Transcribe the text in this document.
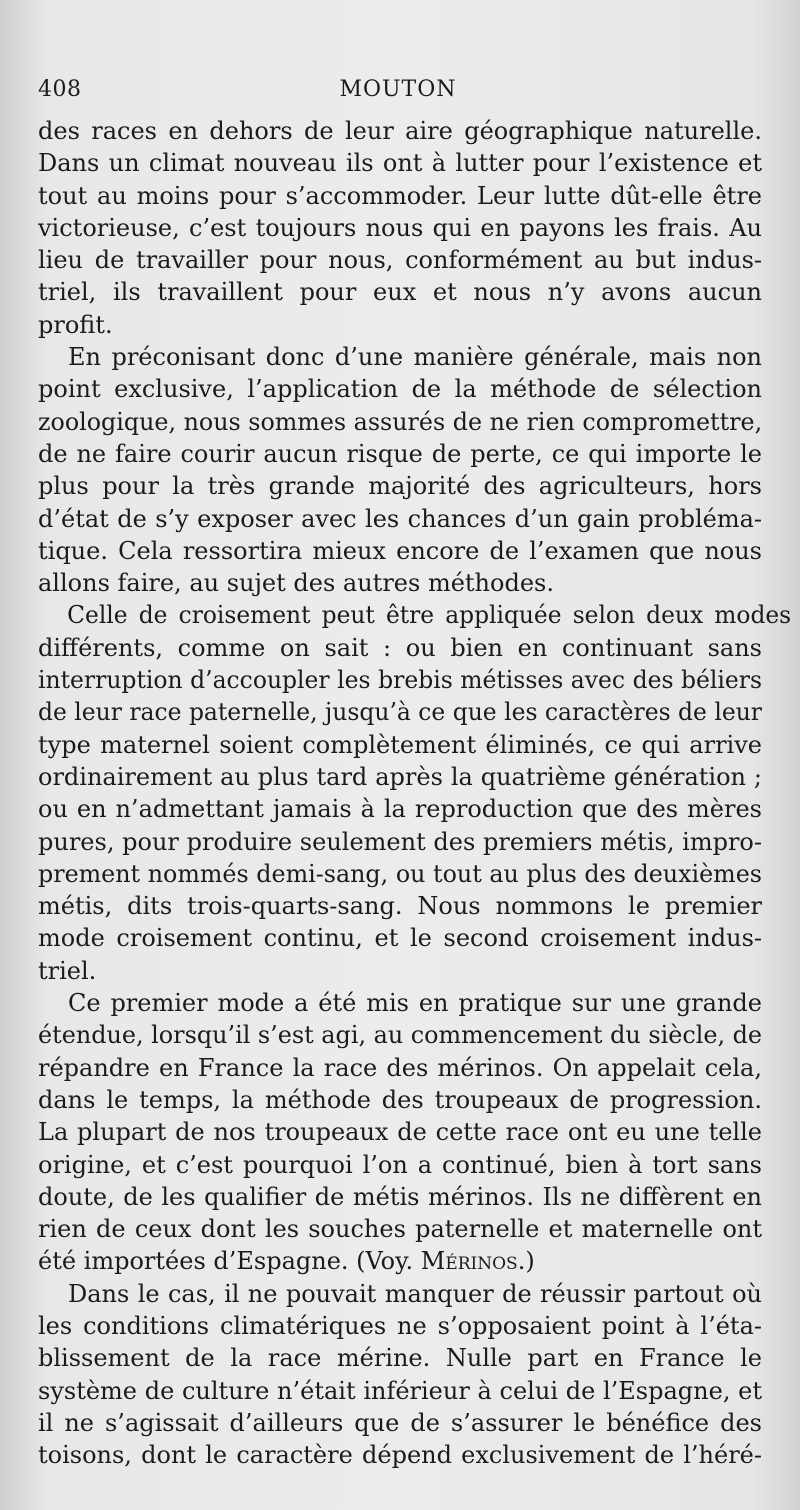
408	MOUTON
des races en dehors de leur aire géographique naturelle.
Dans un climat nouveau ils ont à lutter pour l’existence et
tout au moins pour s’accommoder. Leur lutte dût-elle être
victorieuse, c’est toujours nous qui en payons les frais. Au
lieu de travailler pour nous, conformément au but indus-
triel, ils travaillent pour eux et nous n’y avons aucun
profit.
En préconisant donc d’une manière générale, mais non
point exclusive, l’application de la méthode de sélection
zoologique, nous sommes assurés de ne rien compromettre,
de ne faire courir aucun risque de perte, ce qui importe le
plus pour la très grande majorité des agriculteurs, hors
d’état de s’y exposer avec les chances d’un gain probléma-
tique. Cela ressortira mieux encore de l’examen que nous
allons faire, au sujet des autres méthodes.
Celle de croisement peut être appliquée selon deux modes
différents, comme on sait : ou bien en continuant sans
interruption d’accoupler les brebis métisses avec des béliers
de leur race paternelle, jusqu’à ce que les caractères de leur
type maternel soient complètement éliminés, ce qui arrive
ordinairement au plus tard après la quatrième génération ;
ou en n’admettant jamais à la reproduction que des mères
pures, pour produire seulement des premiers métis, impro-
prement nommés demi-sang, ou tout au plus des deuxièmes
métis, dits trois-quarts-sang. Nous nommons le premier
mode croisement continu, et le second croisement indus-
triel.
Ce premier mode a été mis en pratique sur une grande
étendue, lorsqu’il s’est agi, au commencement du siècle, de
répandre en France la race des mérinos. On appelait cela,
dans le temps, la méthode des troupeaux de progression.
La plupart de nos troupeaux de cette race ont eu une telle
origine, et c’est pourquoi l’on a continué, bien à tort sans
doute, de les qualifier de métis mérinos. Ils ne diffèrent en
rien de ceux dont les souches paternelle et maternelle ont
été importées d’Espagne. (Voy. Mérinos.)
Dans le cas, il ne pouvait manquer de réussir partout où
les conditions climatériques ne s’opposaient point à l’éta-
blissement de la race mérine. Nulle part en France le
système de culture n’était inférieur à celui de l’Espagne, et
il ne s’agissait d’ailleurs que de s’assurer le bénéfice des
toisons, dont le caractère dépend exclusivement de l’héré-
